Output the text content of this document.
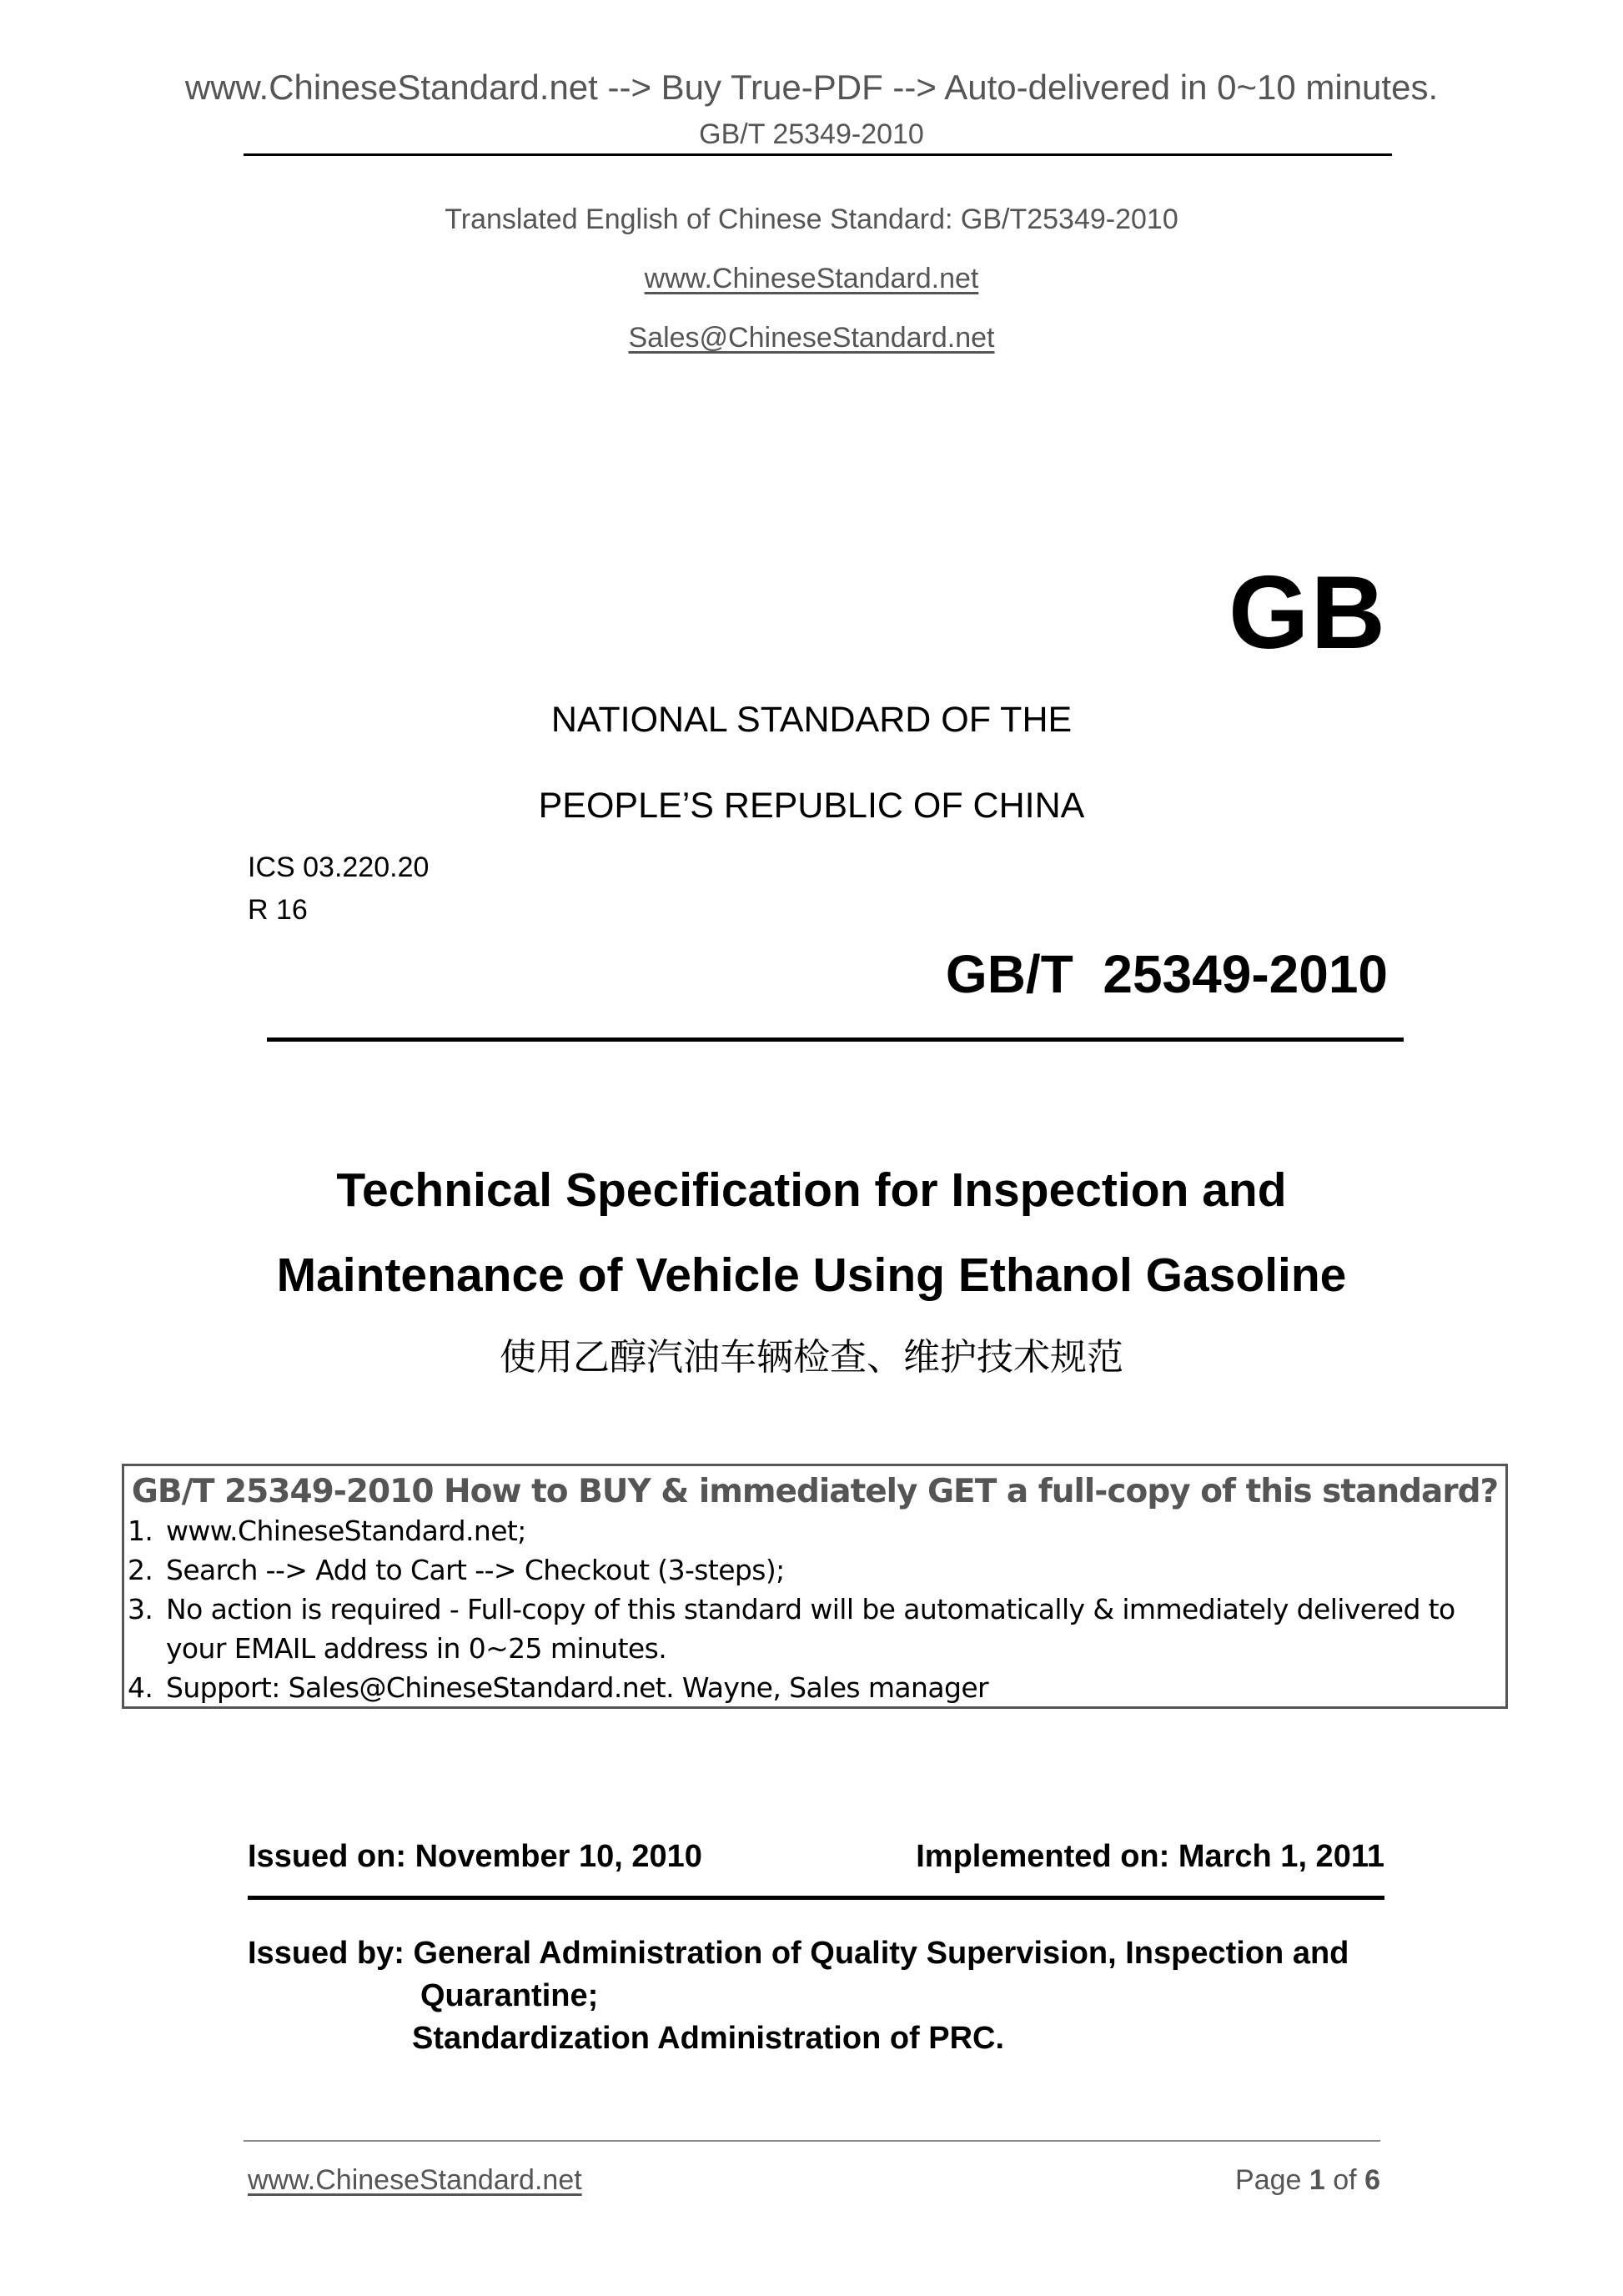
www.ChineseStandard.net --> Buy True-PDF --> Auto-delivered in 0~10 minutes.
GB/T 25349-2010
Translated English of Chinese Standard: GB/T25349-2010
www.ChineseStandard.net
Sales@ChineseStandard.net
GB
NATIONAL STANDARD OF THE
PEOPLE’S REPUBLIC OF CHINA
ICS 03.220.20
R 16
GB/T  25349-2010
Technical Specification for Inspection and
Maintenance of Vehicle Using Ethanol Gasoline
使用乙醇汽油车辆检查、维护技术规范
GB/T 25349-2010 How to BUY & immediately GET a full-copy of this standard?
1. www.ChineseStandard.net;
2. Search --> Add to Cart --> Checkout (3-steps);
3. No action is required - Full-copy of this standard will be automatically & immediately delivered to
your EMAIL address in 0~25 minutes.
4. Support: Sales@ChineseStandard.net. Wayne, Sales manager
Issued on: November 10, 2010	Implemented on: March 1, 2011
Issued by: General Administration of Quality Supervision, Inspection and
Quarantine;
Standardization Administration of PRC.
www.ChineseStandard.net	Page 1 of 6
